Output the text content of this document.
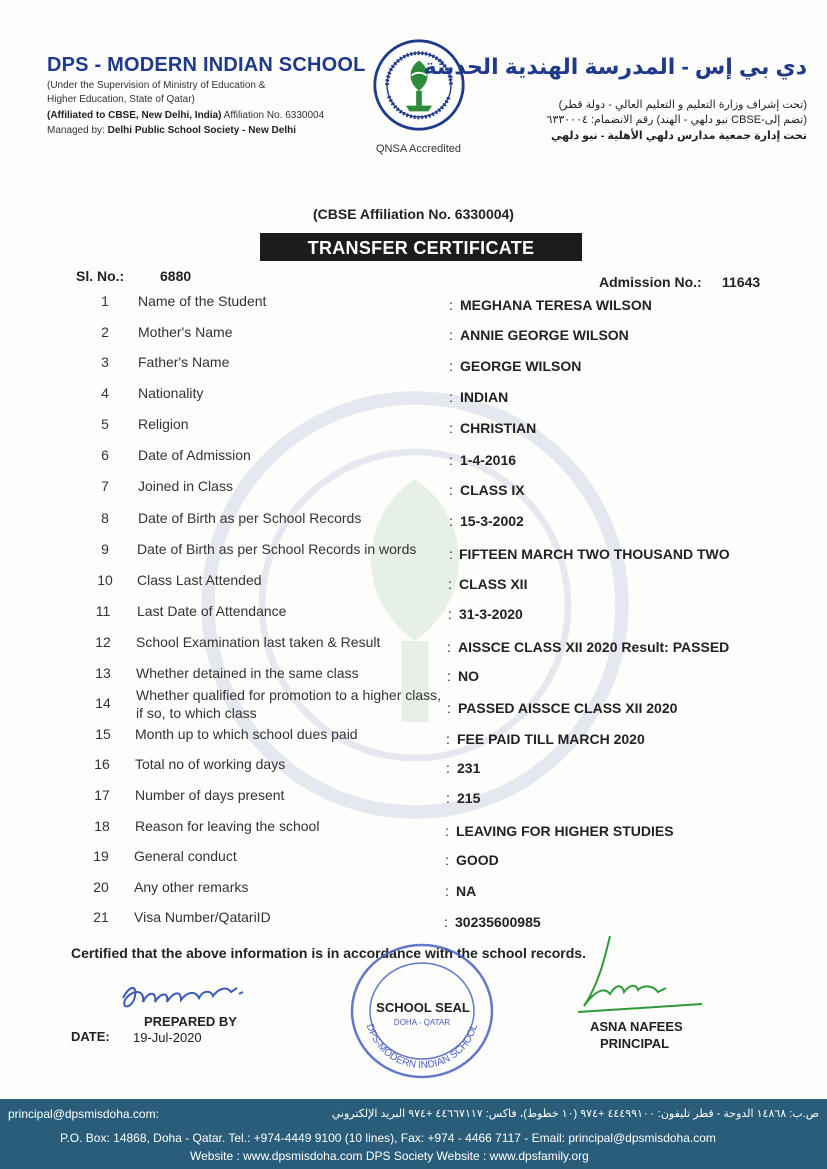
DPS - MODERN INDIAN SCHOOL
(Under the Supervision of Ministry of Education &
Higher Education, State of Qatar)
(Affiliated to CBSE, New Delhi, India) Affiliation No. 6330004
Managed by: Delhi Public School Society - New Delhi
QNSA Accredited
دي بي إس - المدرسة الهندية الحديثة
(تحت إشراف وزارة التعليم و التعليم العالي - دولة قطر)
(تضم إلى-CBSE نيو دلهي - الهند) رقم الانضمام: ٦٣٣٠٠٠٤
تحت إدارة جمعية مدارس دلهي الأهلية - نيو دلهي
(CBSE Affiliation No. 6330004)
TRANSFER CERTIFICATE
Sl. No.:	6880	Admission No.: 11643
1	Name of the Student	: MEGHANA TERESA WILSON
2	Mother's Name	: ANNIE GEORGE WILSON
3	Father's Name	: GEORGE WILSON
4	Nationality	: INDIAN
5	Religion	: CHRISTIAN
6	Date of Admission	: 1-4-2016
7	Joined in Class	: CLASS IX
8	Date of Birth as per School Records	: 15-3-2002
9	Date of Birth as per School Records in words : FIFTEEN MARCH TWO THOUSAND TWO
10	Class Last Attended	: CLASS XII
11	Last Date of Attendance	: 31-3-2020
12	School Examination last taken & Result	: AISSCE CLASS XII 2020 Result: PASSED
13	Whether detained in the same class	: NO
14	Whether qualified for promotion to a higher class,
if so, to which class	: PASSED AISSCE CLASS XII 2020
15	Month up to which school dues paid	: FEE PAID TILL MARCH 2020
16	Total no of working days	: 231
17	Number of days present	: 215
18	Reason for leaving the school	: LEAVING FOR HIGHER STUDIES
19	General conduct	: GOOD
20	Any other remarks	: NA
21	Visa Number/QatariID	: 30235600985
Certified that the above information is in accordance with the school records.
PREPARED BY
DATE: 19-Jul-2020
DPS-MODERN INDIAN SCHOOL
DOHA - QATAR
SCHOOL SEAL
ASNA NAFEES
PRINCIPAL
principal@dpsmisdoha.com:	ص.ب: ١٤٨٦٨ الدوحة - قطر تليفون: ٤٤٤٩٩١٠٠ +٩٧٤ (١٠ خطوط)، فاكس: ٤٤٦٦٧١١٧ +٩٧٤ البريد الإلكتروني
P.O. Box: 14868, Doha - Qatar. Tel.: +974-4449 9100 (10 lines), Fax: +974 - 4466 7117 - Email: principal@dpsmisdoha.com
Website : www.dpsmisdoha.com DPS Society Website : www.dpsfamily.org
